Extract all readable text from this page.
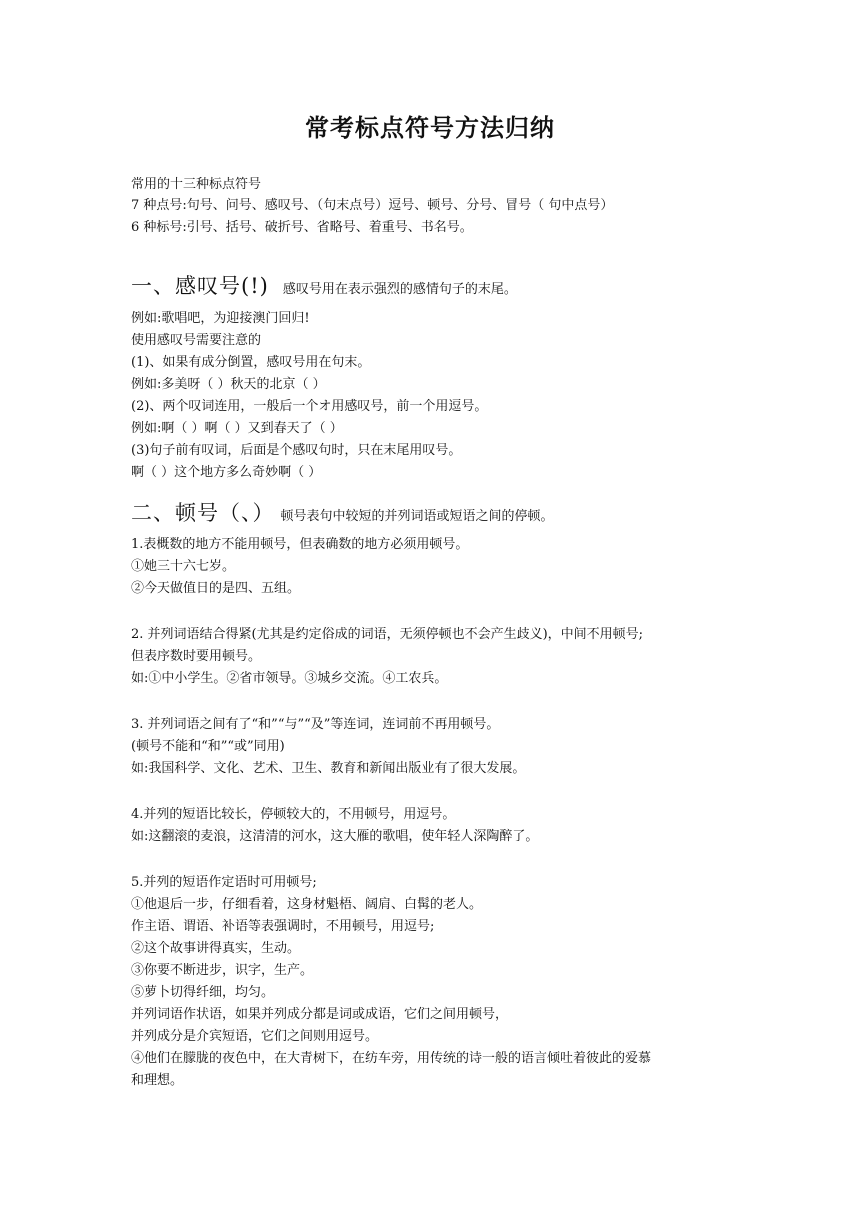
常考标点符号方法归纳

常用的十三种标点符号

7 种点号:句号、问号、感叹号、（句末点号）逗号、顿号、分号、冒号（ 句中点号）

6 种标号:引号、括号、破折号、省略号、着重号、书名号。

一、感叹号(!) 感叹号用在表示强烈的感情句子的末尾。

例如:歌唱吧，为迎接澳门回归!

使用感叹号需要注意的

(1)、如果有成分倒置，感叹号用在句末。

例如:多美呀（ ）秋天的北京（ ）

(2)、两个叹词连用，一般后一个オ用感叹号，前一个用逗号。

例如:啊（ ）啊（ ）又到春天了（ ）

(3)句子前有叹词，后面是个感叹句时，只在末尾用叹号。

啊（ ）这个地方多么奇妙啊（ ）

二、顿号（、） 顿号表句中较短的并列词语或短语之间的停顿。

1.表概数的地方不能用顿号，但表确数的地方必须用顿号。

①她三十六七岁。

②今天做值日的是四、五组。

2. 并列词语结合得紧(尤其是约定俗成的词语，无须停顿也不会产生歧义)，中间不用顿号;

但表序数时要用顿号。

如:①中小学生。②省市领导。③城乡交流。④工农兵。

3. 并列词语之间有了“和”“与”“及”等连词，连词前不再用顿号。

(顿号不能和“和”“或”同用)

如:我国科学、文化、艺术、卫生、教育和新闻出版业有了很大发展。

4.并列的短语比较长，停顿较大的，不用顿号，用逗号。

如:这翻滚的麦浪，这清清的河水，这大雁的歌唱，使年轻人深陶醉了。

5.并列的短语作定语时可用顿号;

①他退后一步，仔细看着，这身材魁梧、阔肩、白髯的老人。

作主语、谓语、补语等表强调时，不用顿号，用逗号;

②这个故事讲得真实，生动。

③你要不断进步，识字，生产。

⑤萝卜切得纤细，均匀。

并列词语作状语，如果并列成分都是词或成语，它们之间用顿号，

并列成分是介宾短语，它们之间则用逗号。

④他们在朦胧的夜色中，在大青树下，在纺车旁，用传统的诗一般的语言倾吐着彼此的爱慕

和理想。
